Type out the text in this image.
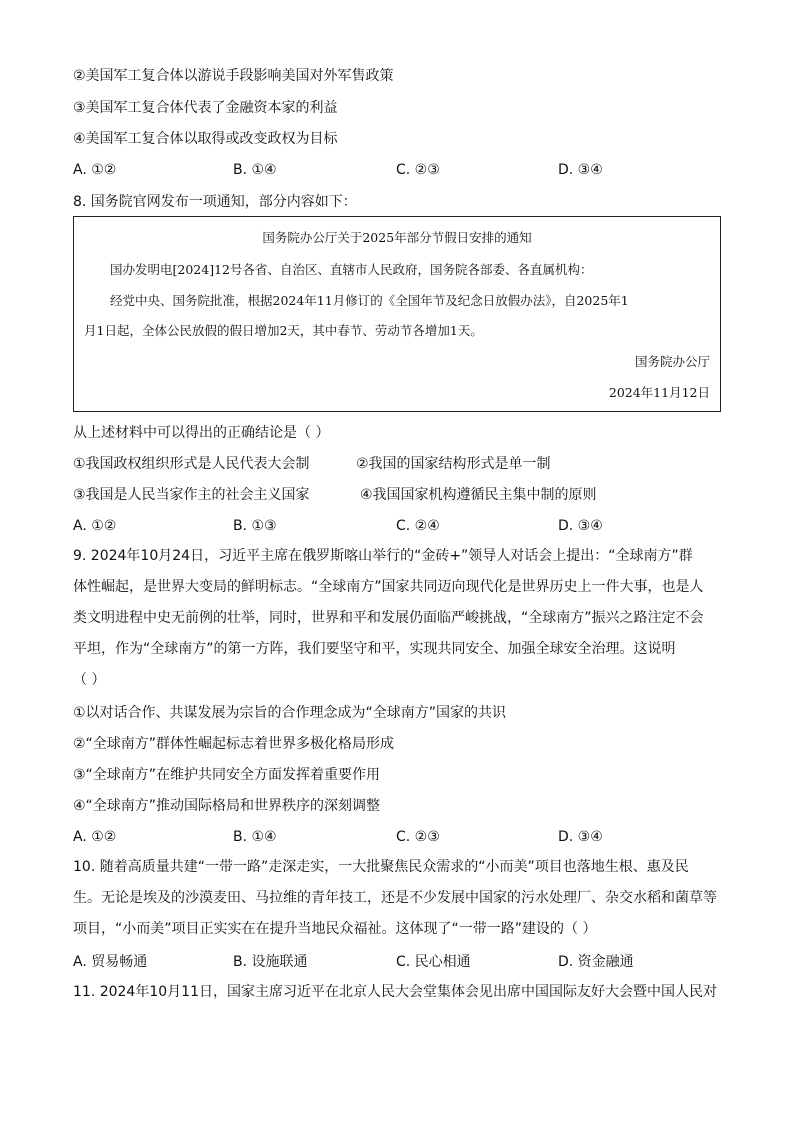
②美国军工复合体以游说手段影响美国对外军售政策
③美国军工复合体代表了金融资本家的利益
④美国军工复合体以取得或改变政权为目标
A. ①②	B. ①④	C. ②③	D. ③④
8. 国务院官网发布一项通知，部分内容如下：
国务院办公厅关于2025年部分节假日安排的通知
国办发明电[2024]12号各省、自治区、直辖市人民政府，国务院各部委、各直属机构：
经党中央、国务院批准，根据2024年11月修订的《全国年节及纪念日放假办法》，自2025年1
月1日起，全体公民放假的假日增加2天，其中春节、劳动节各增加1天。
国务院办公厅
2024年11月12日
从上述材料中可以得出的正确结论是（ ）
①我国政权组织形式是人民代表大会制	②我国的国家结构形式是单一制
③我国是人民当家作主的社会主义国家	④我国国家机构遵循民主集中制的原则
A. ①②	B. ①③	C. ②④	D. ③④
9. 2024年10月24日，习近平主席在俄罗斯喀山举行的“金砖+”领导人对话会上提出：“全球南方”群
体性崛起，是世界大变局的鲜明标志。“全球南方”国家共同迈向现代化是世界历史上一件大事，也是人
类文明进程中史无前例的壮举，同时，世界和平和发展仍面临严峻挑战，“全球南方”振兴之路注定不会
平坦，作为“全球南方”的第一方阵，我们要坚守和平，实现共同安全、加强全球安全治理。这说明
（ ）
①以对话合作、共谋发展为宗旨的合作理念成为“全球南方”国家的共识
②“全球南方”群体性崛起标志着世界多极化格局形成
③“全球南方”在维护共同安全方面发挥着重要作用
④“全球南方”推动国际格局和世界秩序的深刻调整
A. ①②	B. ①④	C. ②③	D. ③④
10. 随着高质量共建“一带一路”走深走实，一大批聚焦民众需求的“小而美”项目也落地生根、惠及民
生。无论是埃及的沙漠麦田、马拉维的青年技工，还是不少发展中国家的污水处理厂、杂交水稻和菌草等
项目，“小而美”项目正实实在在提升当地民众福祉。这体现了“一带一路”建设的（ ）
A. 贸易畅通	B. 设施联通	C. 民心相通	D. 资金融通
11. 2024年10月11日，国家主席习近平在北京人民大会堂集体会见出席中国国际友好大会暨中国人民对
